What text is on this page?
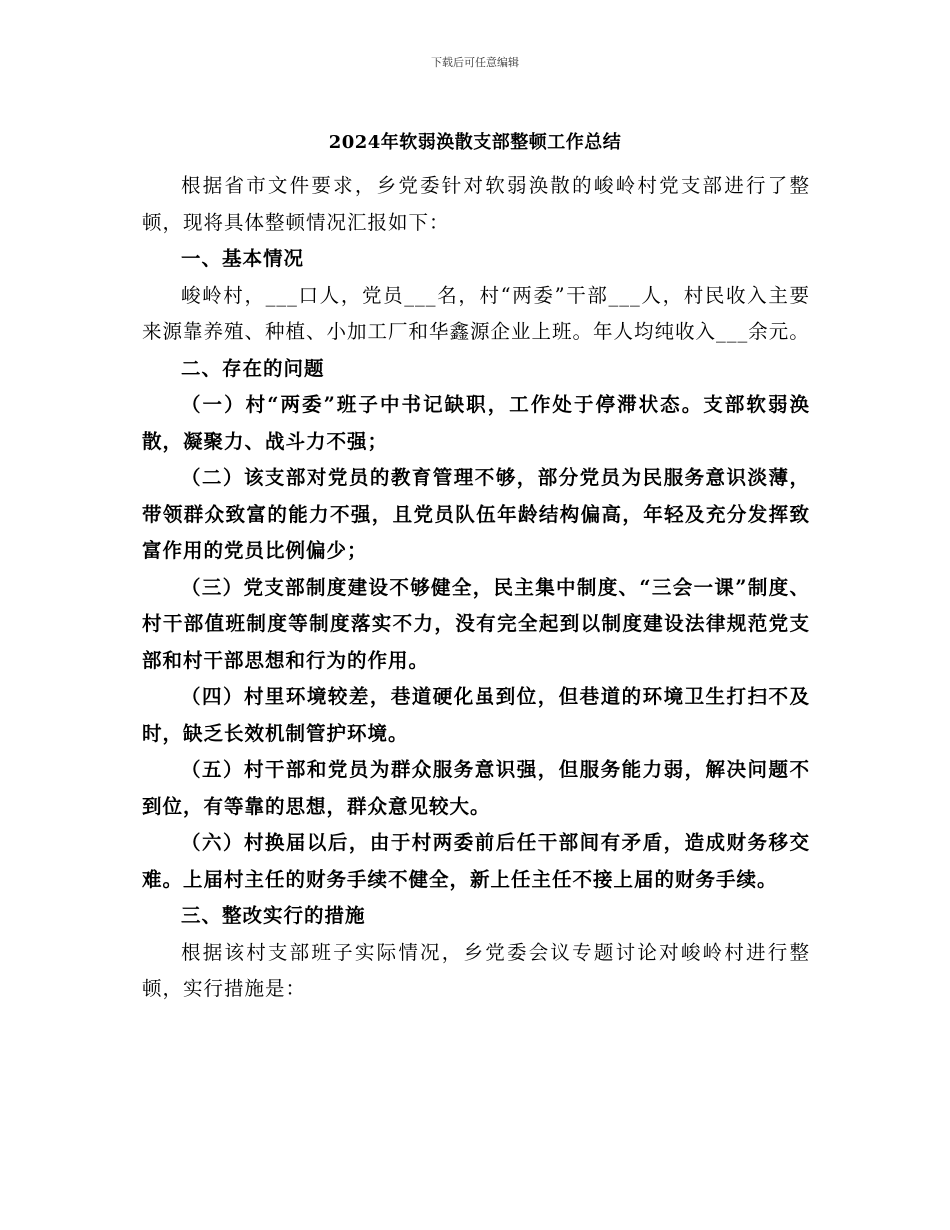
下载后可任意编辑
2024年软弱涣散支部整顿工作总结

根据省市文件要求，乡党委针对软弱涣散的峻岭村党支部进行了整顿，现将具体整顿情况汇报如下：

一、基本情况

峻岭村，___口人，党员___名，村“两委”干部___人，村民收入主要来源靠养殖、种植、小加工厂和华鑫源企业上班。年人均纯收入___余元。

二、存在的问题

（一）村“两委”班子中书记缺职，工作处于停滞状态。支部软弱涣散，凝聚力、战斗力不强；

（二）该支部对党员的教育管理不够，部分党员为民服务意识淡薄，带领群众致富的能力不强，且党员队伍年龄结构偏高，年轻及充分发挥致富作用的党员比例偏少；

（三）党支部制度建设不够健全，民主集中制度、“三会一课”制度、村干部值班制度等制度落实不力，没有完全起到以制度建设法律规范党支部和村干部思想和行为的作用。

（四）村里环境较差，巷道硬化虽到位，但巷道的环境卫生打扫不及时，缺乏长效机制管护环境。

（五）村干部和党员为群众服务意识强，但服务能力弱，解决问题不到位，有等靠的思想，群众意见较大。

（六）村换届以后，由于村两委前后任干部间有矛盾，造成财务移交难。上届村主任的财务手续不健全，新上任主任不接上届的财务手续。

三、整改实行的措施

根据该村支部班子实际情况，乡党委会议专题讨论对峻岭村进行整顿，实行措施是：
